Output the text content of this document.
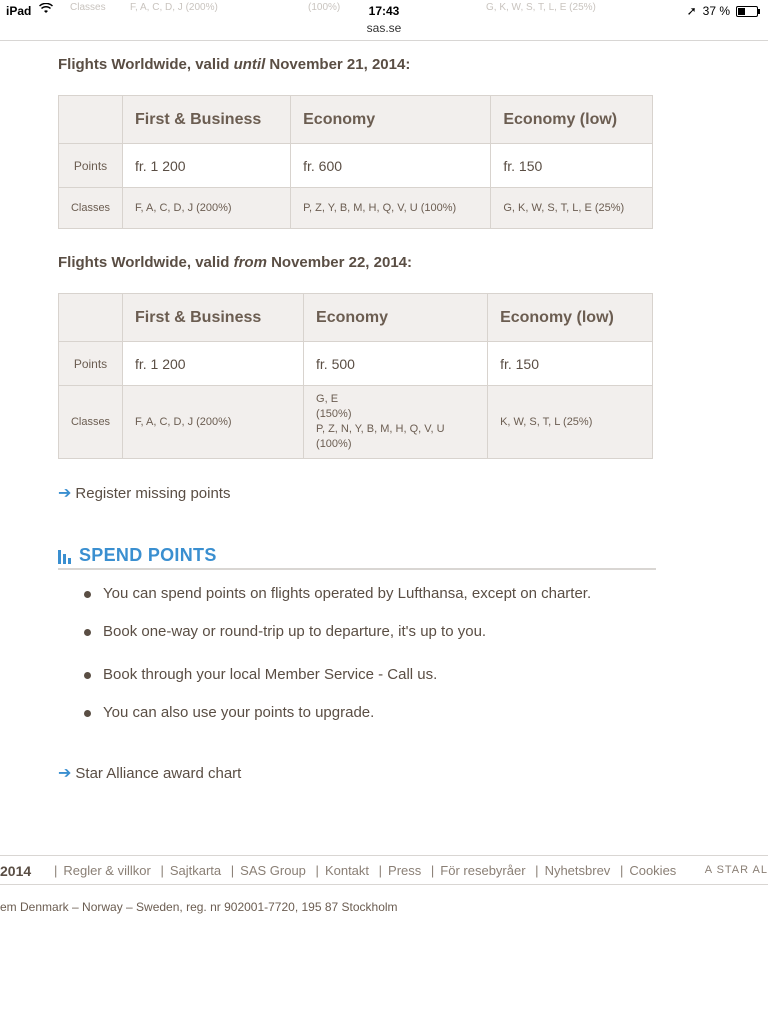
Classes F, A, C, D, J (200%)	(100%)	G, K, W, S, T, L, E (25%)
iPad	17:43
sas.se
➚ 37 %
Flights Worldwide, valid until November 21, 2014:
	First & Business	Economy	Economy (low)
Points	fr. 1 200	fr. 600	fr. 150
Classes	F, A, C, D, J (200%)	P, Z, Y, B, M, H, Q, V, U (100%)	G, K, W, S, T, L, E (25%)
Flights Worldwide, valid from November 22, 2014:
	First & Business	Economy	Economy (low)
Points	fr. 1 200	fr. 500	fr. 150
Classes	F, A, C, D, J (200%)	G, E
(150%)
P, Z, N, Y, B, M, H, Q, V, U
(100%)	K, W, S, T, L (25%)
➔ Register missing points
SPEND POINTS
You can spend points on flights operated by Lufthansa, except on charter.
Book one-way or round-trip up to departure, it's up to you.
Book through your local Member Service - Call us.
You can also use your points to upgrade.
➔ Star Alliance award chart
2014	| Regler & villkor | Sajtkarta | SAS Group | Kontakt | Press | För resebyråer | Nyhetsbrev | Cookies	A STAR AL
em Denmark – Norway – Sweden, reg. nr 902001-7720, 195 87 Stockholm
